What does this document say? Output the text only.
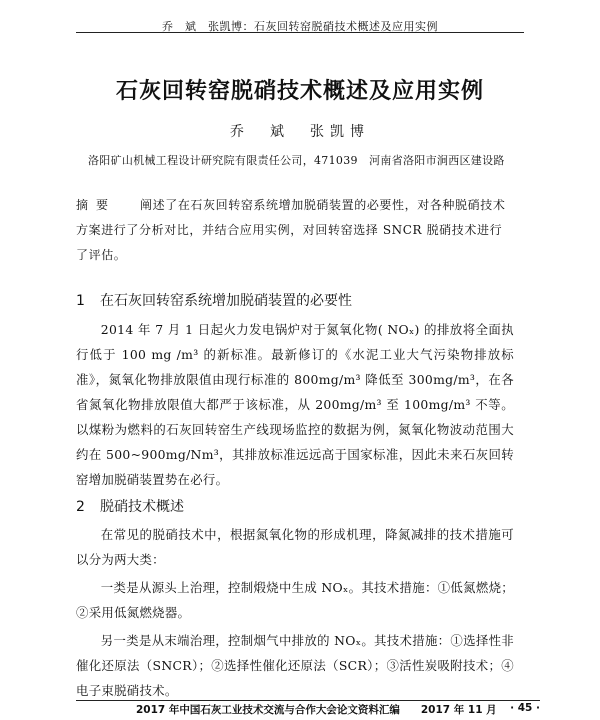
乔　斌　张凯博：石灰回转窑脱硝技术概述及应用实例
石灰回转窑脱硝技术概述及应用实例
乔　斌　张凯博
洛阳矿山机械工程设计研究院有限责任公司，471039　河南省洛阳市涧西区建设路
摘要 阐述了在石灰回转窑系统增加脱硝装置的必要性，对各种脱硝技术方案进行了分析对比，并结合应用实例，对回转窑选择 SNCR 脱硝技术进行了评估。
1 在石灰回转窑系统增加脱硝装置的必要性
2014 年 7 月 1 日起火力发电锅炉对于氮氧化物( NOₓ) 的排放将全面执行低于 100 mg /m³ 的新标准。最新修订的《水泥工业大气污染物排放标准》，氮氧化物排放限值由现行标准的 800mg/m³ 降低至 300mg/m³，在各省氮氧化物排放限值大都严于该标准，从 200mg/m³ 至 100mg/m³ 不等。以煤粉为燃料的石灰回转窑生产线现场监控的数据为例，氮氧化物波动范围大约在 500~900mg/Nm³，其排放标准远远高于国家标准，因此未来石灰回转窑增加脱硝装置势在必行。
2 脱硝技术概述
在常见的脱硝技术中，根据氮氧化物的形成机理，降氮减排的技术措施可以分为两大类：
一类是从源头上治理，控制煅烧中生成 NOₓ。其技术措施：①低氮燃烧；②采用低氮燃烧器。
另一类是从末端治理，控制烟气中排放的 NOₓ。其技术措施：①选择性非催化还原法（SNCR）；②选择性催化还原法（SCR）；③活性炭吸附技术；④电子束脱硝技术。
2017 年中国石灰工业技术交流与合作大会论文资料汇编　　2017 年 11 月 · 45 ·
